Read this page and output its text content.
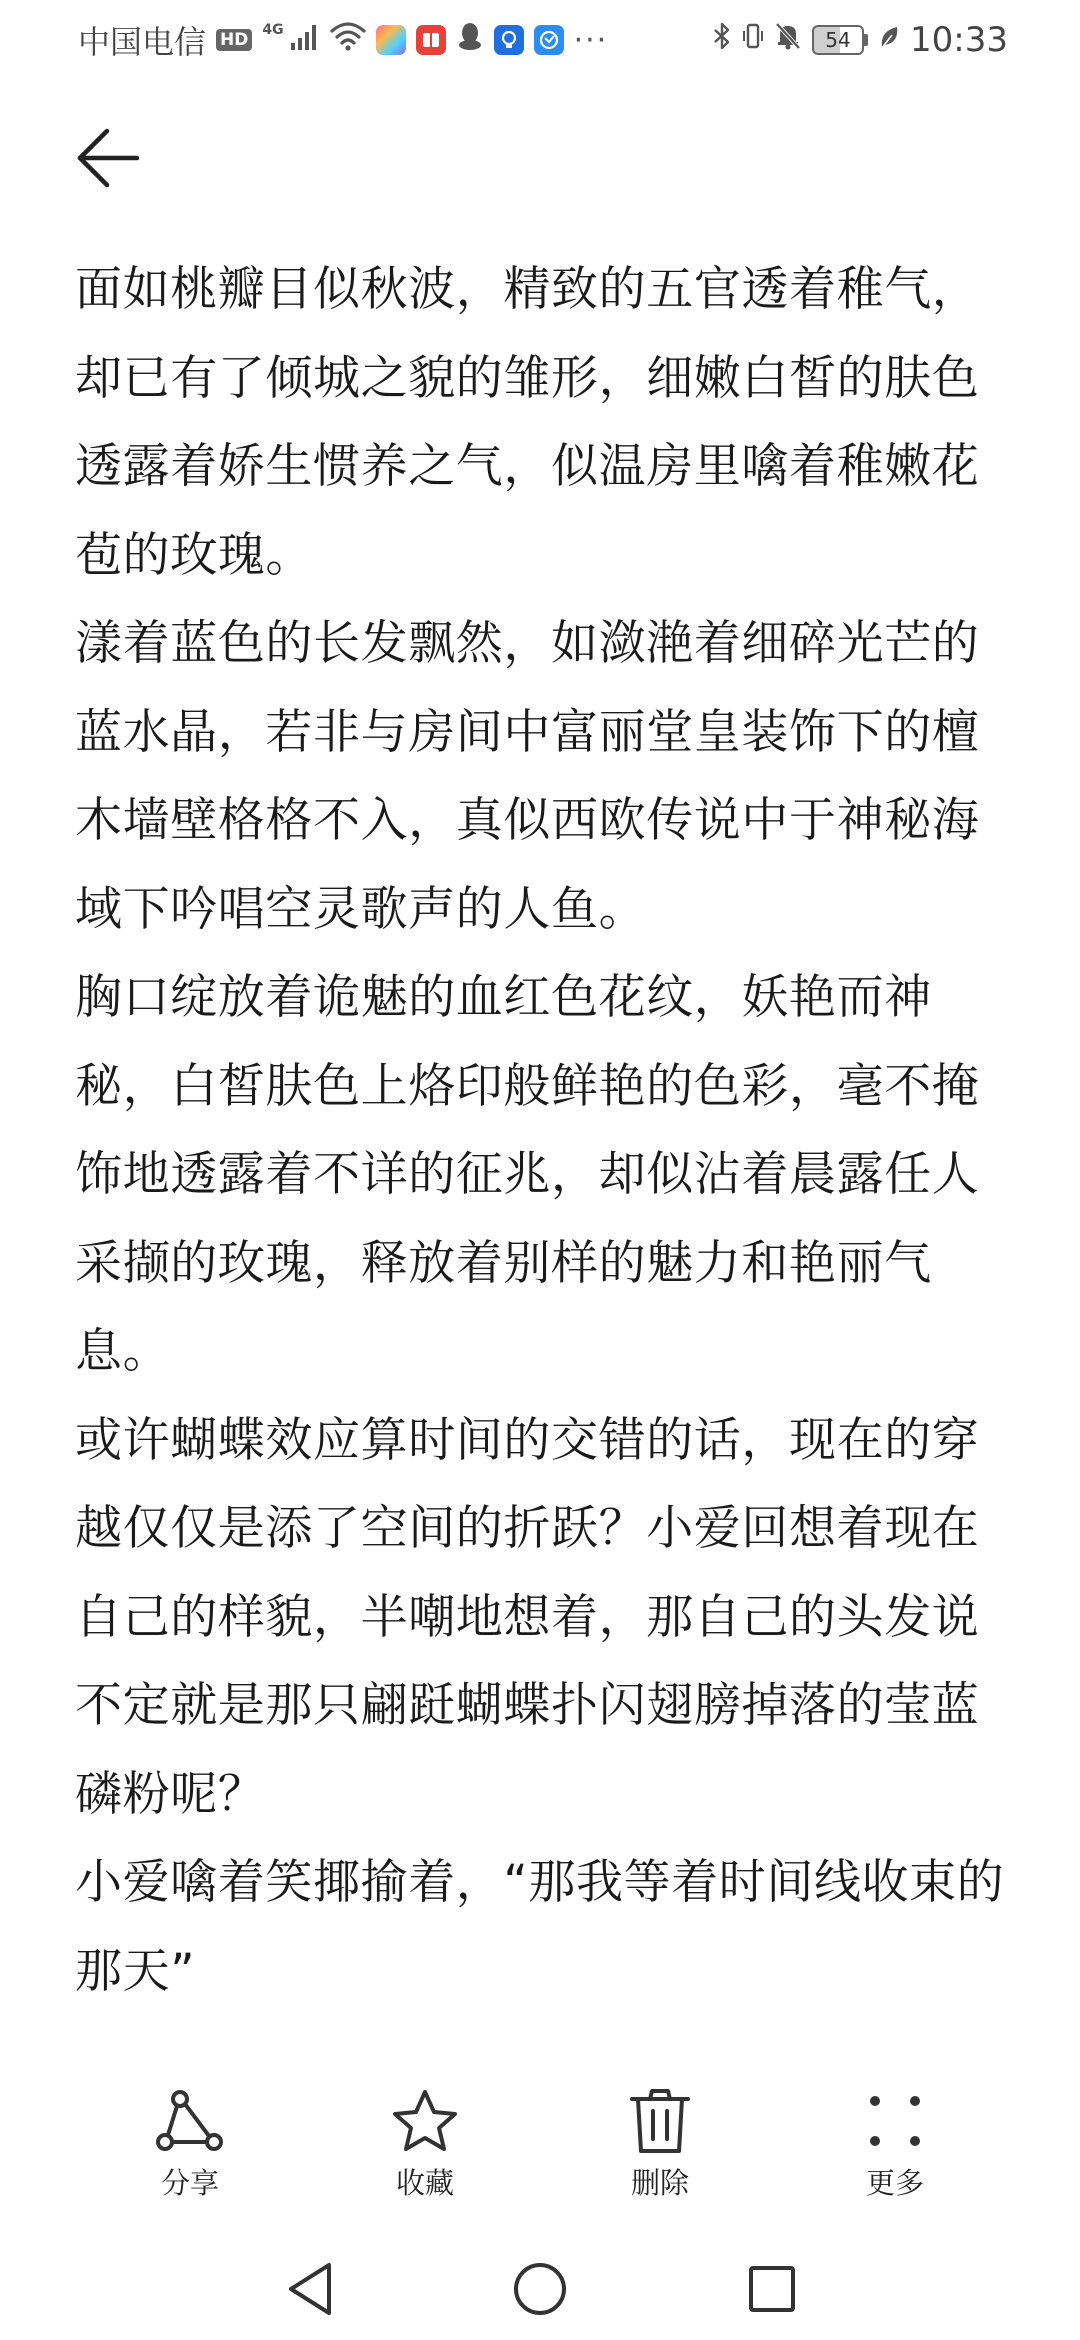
中国电信 HD 4G	···	54	10:33

面如桃瓣目似秋波，精致的五官透着稚气，却已有了倾城之貌的雏形，细嫩白皙的肤色透露着娇生惯养之气，似温房里噙着稚嫩花苞的玫瑰。

漾着蓝色的长发飘然，如潋滟着细碎光芒的蓝水晶，若非与房间中富丽堂皇装饰下的檀木墙壁格格不入，真似西欧传说中于神秘海域下吟唱空灵歌声的人鱼。

胸口绽放着诡魅的血红色花纹，妖艳而神秘，白皙肤色上烙印般鲜艳的色彩，毫不掩饰地透露着不详的征兆，却似沾着晨露任人采撷的玫瑰，释放着别样的魅力和艳丽气息。

或许蝴蝶效应算时间的交错的话，现在的穿越仅仅是添了空间的折跃？小爱回想着现在自己的样貌，半嘲地想着，那自己的头发说不定就是那只翩跹蝴蝶扑闪翅膀掉落的莹蓝磷粉呢？

小爱噙着笑揶揄着，“那我等着时间线收束的那天”

分享	收藏	删除	更多
